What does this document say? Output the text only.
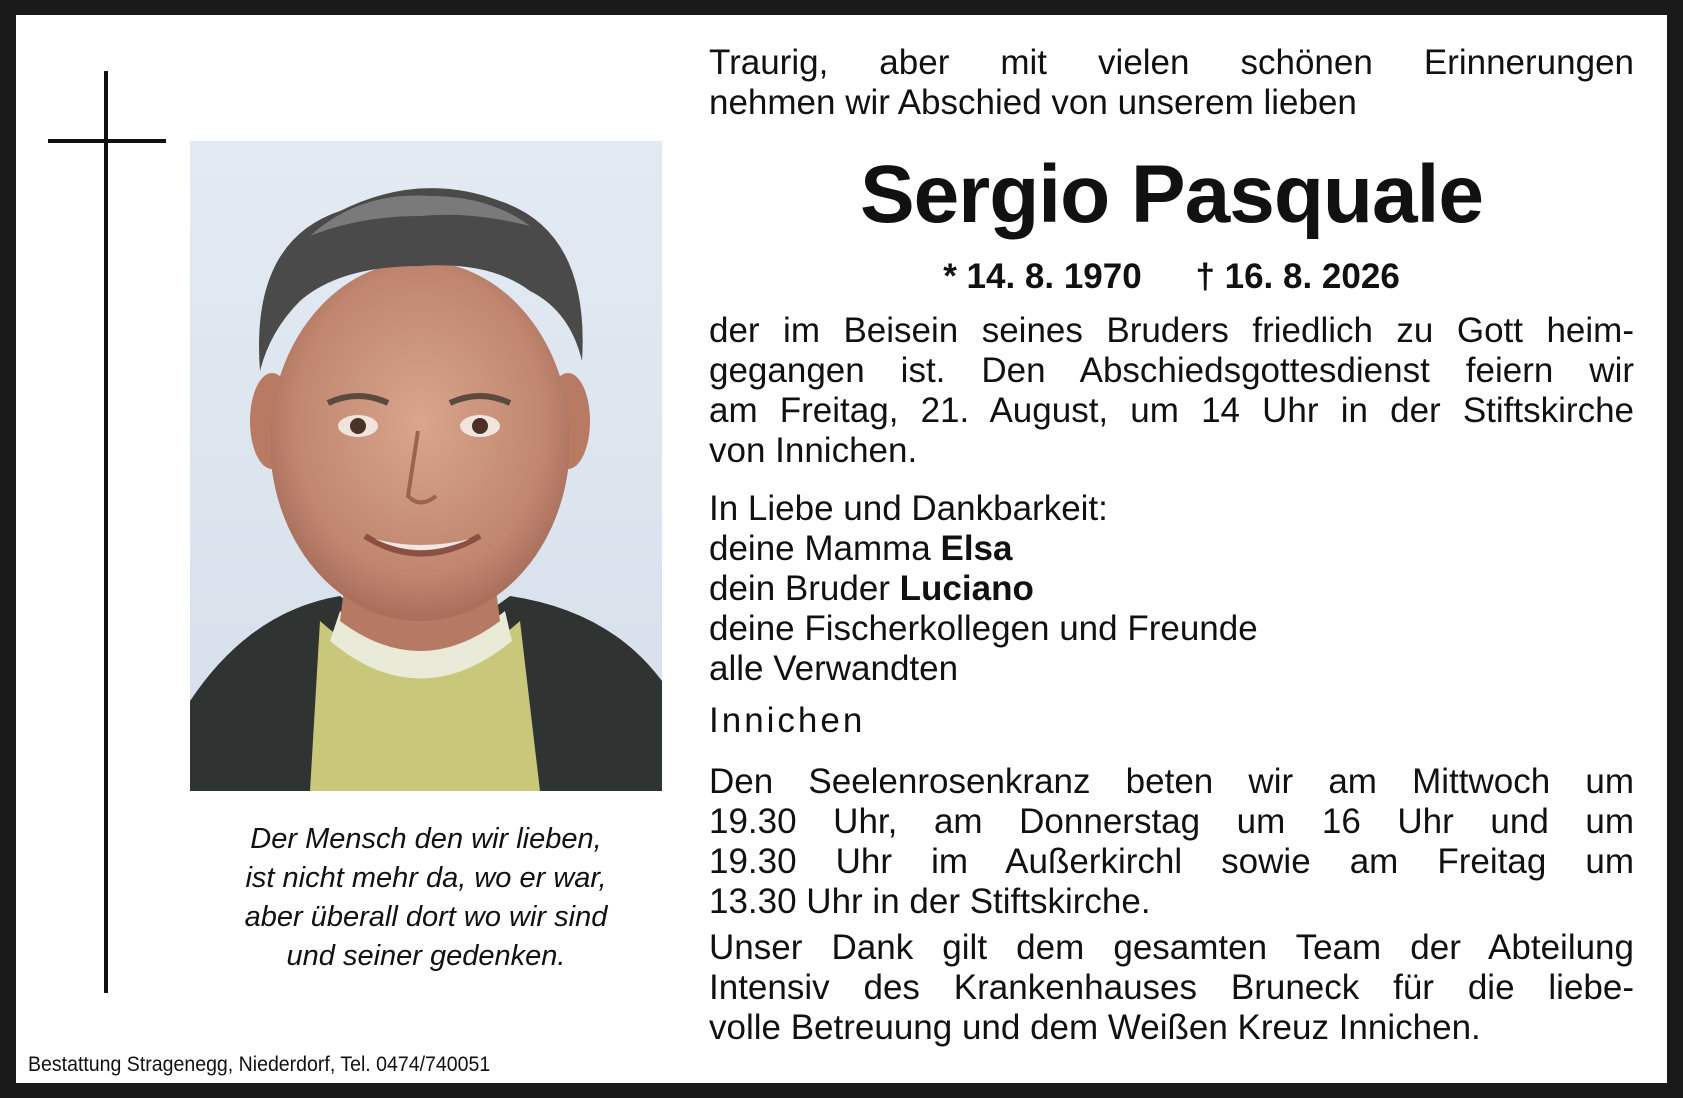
Der Mensch den wir lieben,
ist nicht mehr da, wo er war,
aber überall dort wo wir sind
und seiner gedenken.
Bestattung Stragenegg, Niederdorf, Tel. 0474/740051
Traurig, aber mit vielen schönen Erinnerungen
nehmen wir Abschied von unserem lieben
Sergio Pasquale
* 14. 8. 1970 † 16. 8. 2026
der im Beisein seines Bruders friedlich zu Gott heim-
gegangen ist. Den Abschiedsgottesdienst feiern wir
am Freitag, 21. August, um 14 Uhr in der Stiftskirche
von Innichen.
In Liebe und Dankbarkeit:
deine Mamma Elsa
dein Bruder Luciano
deine Fischerkollegen und Freunde
alle Verwandten
Innichen
Den Seelenrosenkranz beten wir am Mittwoch um
19.30 Uhr, am Donnerstag um 16 Uhr und um
19.30 Uhr im Außerkirchl sowie am Freitag um
13.30 Uhr in der Stiftskirche.
Unser Dank gilt dem gesamten Team der Abteilung
Intensiv des Krankenhauses Bruneck für die liebe-
volle Betreuung und dem Weißen Kreuz Innichen.
